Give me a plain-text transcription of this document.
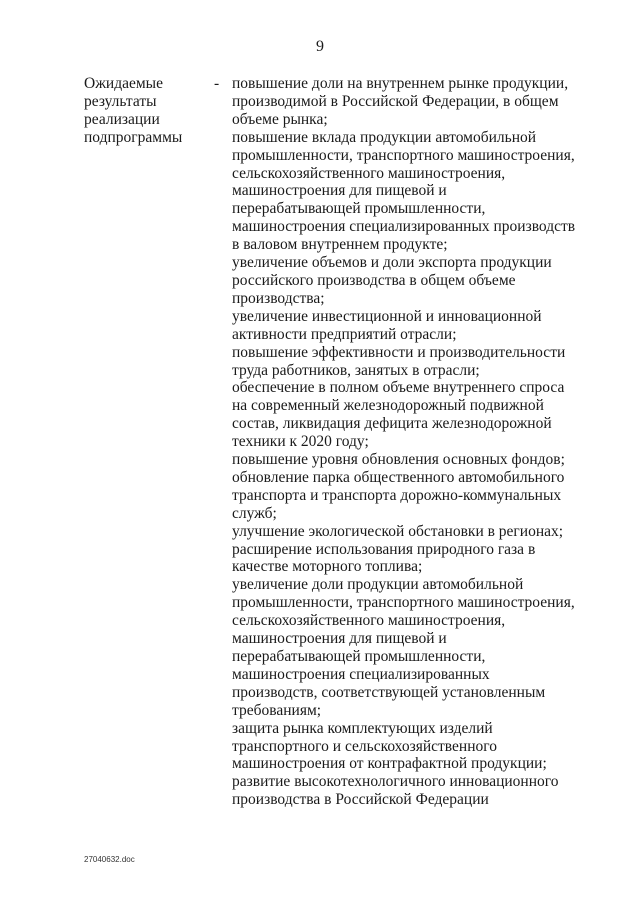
9
Ожидаемые
результаты
реализации
подпрограммы
- повышение доли на внутреннем рынке продукции,
производимой в Российской Федерации, в общем
объеме рынка;
повышение вклада продукции автомобильной
промышленности, транспортного машиностроения,
сельскохозяйственного машиностроения,
машиностроения для пищевой и
перерабатывающей промышленности,
машиностроения специализированных производств
в валовом внутреннем продукте;
увеличение объемов и доли экспорта продукции
российского производства в общем объеме
производства;
увеличение инвестиционной и инновационной
активности предприятий отрасли;
повышение эффективности и производительности
труда работников, занятых в отрасли;
обеспечение в полном объеме внутреннего спроса
на современный железнодорожный подвижной
состав, ликвидация дефицита железнодорожной
техники к 2020 году;
повышение уровня обновления основных фондов;
обновление парка общественного автомобильного
транспорта и транспорта дорожно-коммунальных
служб;
улучшение экологической обстановки в регионах;
расширение использования природного газа в
качестве моторного топлива;
увеличение доли продукции автомобильной
промышленности, транспортного машиностроения,
сельскохозяйственного машиностроения,
машиностроения для пищевой и
перерабатывающей промышленности,
машиностроения специализированных
производств, соответствующей установленным
требованиям;
защита рынка комплектующих изделий
транспортного и сельскохозяйственного
машиностроения от контрафактной продукции;
развитие высокотехнологичного инновационного
производства в Российской Федерации
27040632.doc
